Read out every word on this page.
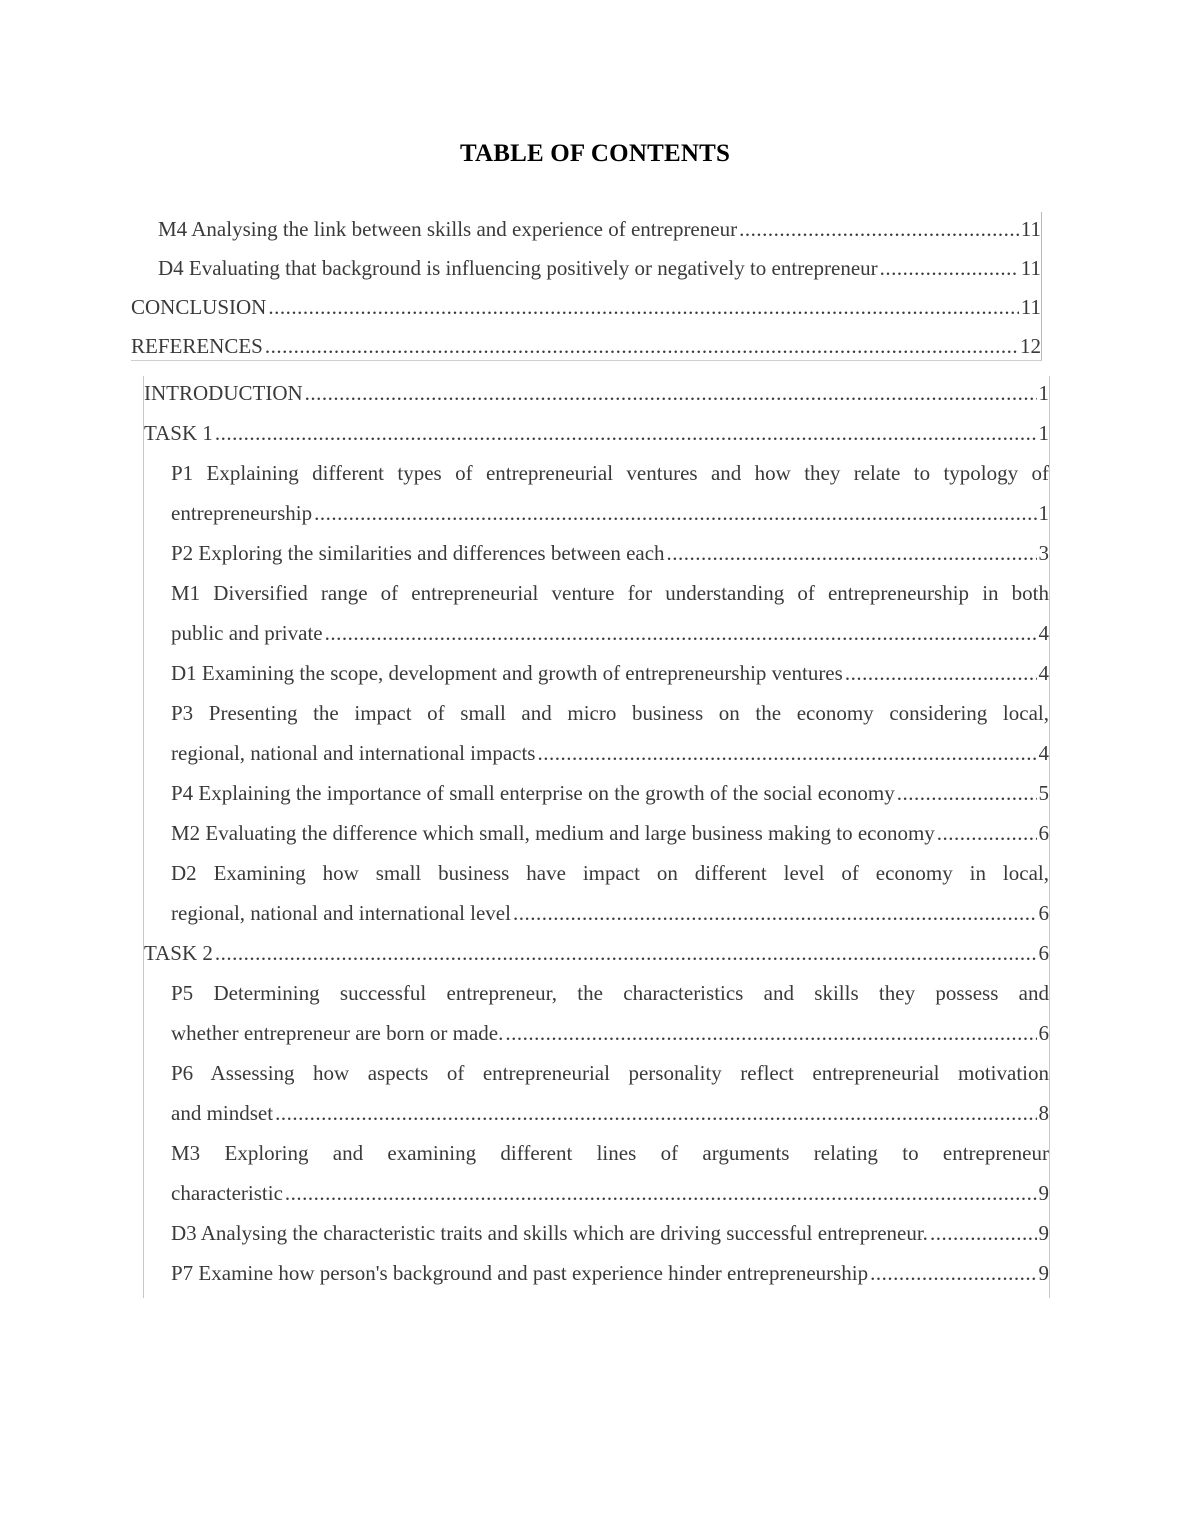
TABLE OF CONTENTS
M4 Analysing the link between skills and experience of entrepreneur .....	11
D4 Evaluating that background is influencing positively or negatively to entrepreneur .....	11
CONCLUSION .....	11
REFERENCES .....	12
INTRODUCTION .....	1
TASK 1 .....	1
P1 Explaining different types of entrepreneurial ventures and how they relate to typology of
entrepreneurship .....	1
P2 Exploring the similarities and differences between each .....	3
M1 Diversified range of entrepreneurial venture for understanding of entrepreneurship in both
public and private .....	4
D1 Examining the scope, development and growth of entrepreneurship ventures .....	4
P3 Presenting the impact of small and micro business on the economy considering local,
regional, national and international impacts .....	4
P4 Explaining the importance of small enterprise on the growth of the social economy .....	5
M2 Evaluating the difference which small, medium and large business making to economy .....	6
D2 Examining how small business have impact on different level of economy in local,
regional, national and international level .....	6
TASK 2 .....	6
P5 Determining successful entrepreneur, the characteristics and skills they possess and
whether entrepreneur are born or made. .....	6
P6 Assessing how aspects of entrepreneurial personality reflect entrepreneurial motivation
and mindset .....	8
M3 Exploring and examining different lines of arguments relating to entrepreneur
characteristic .....	9
D3 Analysing the characteristic traits and skills which are driving successful entrepreneur. .....	9
P7 Examine how person's background and past experience hinder entrepreneurship .....	9
